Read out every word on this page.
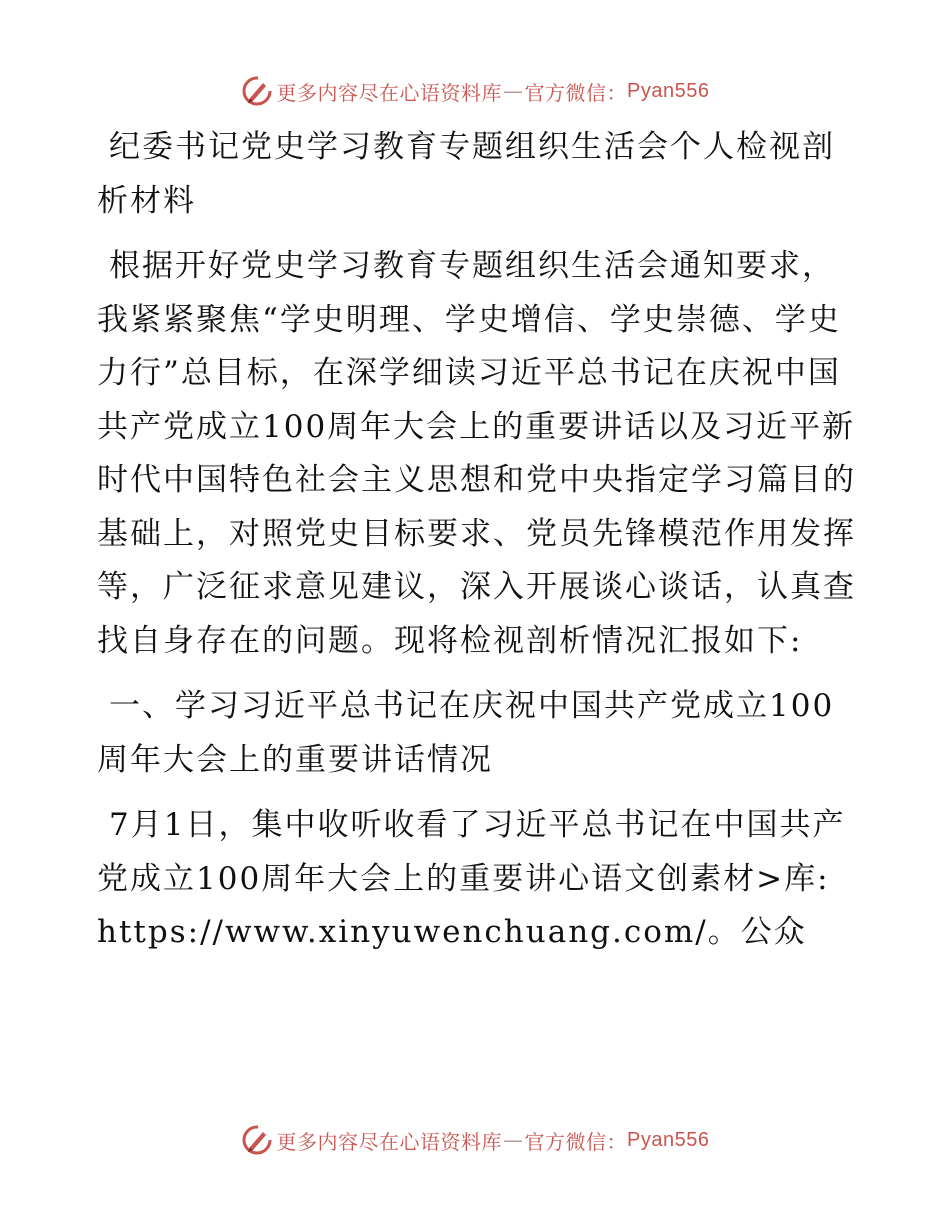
更多内容尽在心语资料库 — 官方微信： Pyan556

纪委书记党史学习教育专题组织生活会个人检视剖析材料

根据开好党史学习教育专题组织生活会通知要求，我紧紧聚焦“学史明理、学史增信、学史崇德、学史力行”总目标，在深学细读习近平总书记在庆祝中国共产党成立100周年大会上的重要讲话以及习近平新时代中国特色社会主义思想和党中央指定学习篇目的基础上，对照党史目标要求、党员先锋模范作用发挥等，广泛征求意见建议，深入开展谈心谈话，认真查找自身存在的问题。现将检视剖析情况汇报如下:

一、学习习近平总书记在庆祝中国共产党成立100周年大会上的重要讲话情况

7月1日，集中收听收看了习近平总书记在中国共产党成立100周年大会上的重要讲心语文创素材>库: https://www.xinyuwenchuang.com/。公众

更多内容尽在心语资料库 — 官方微信： Pyan556
